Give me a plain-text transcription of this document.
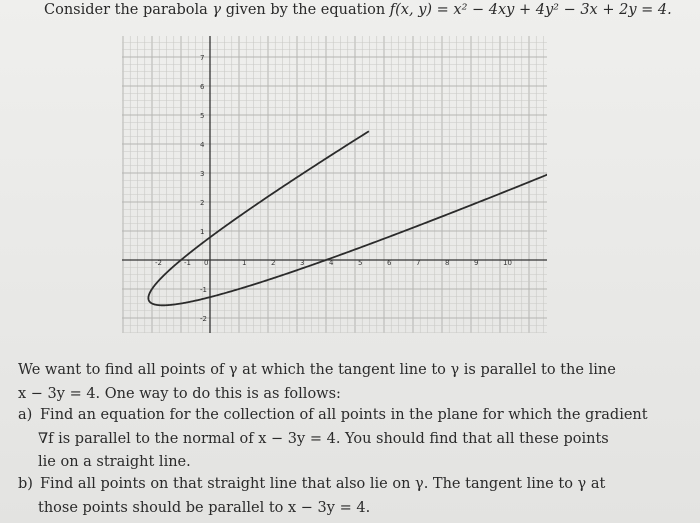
Consider the parabola γ given by the equation f(x, y) = x² − 4xy + 4y² − 3x + 2y = 4.
-2	-1 0	1	2	3	4	5	6	7	8	9	10
7
6
5
4
3
2
1
-1
-2
We want to find all points of γ at which the tangent line to γ is parallel to the line
x − 3y = 4. One way to do this is as follows:
a) Find an equation for the collection of all points in the plane for which the gradient
∇f is parallel to the normal of x − 3y = 4. You should find that all these points
lie on a straight line.
b) Find all points on that straight line that also lie on γ. The tangent line to γ at
those points should be parallel to x − 3y = 4.
